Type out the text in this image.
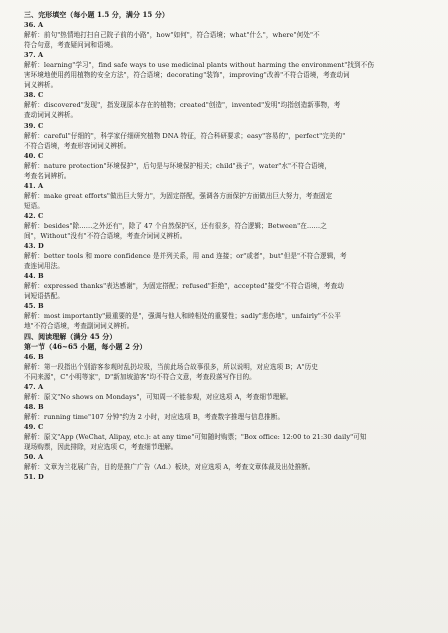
三、完形填空（每小题 1.5 分，满分 15 分）
36. A
解析：前句"热情地打扫自己院子前的小路"，how"如何"，符合语境；what"什么"，where"何处"不
符合句意，考查疑问词和语境。
37. A
解析：learning"学习"，find safe ways to use medicinal plants without harming the environment"找到不伤
害环境地使用药用植物的安全方法"，符合语境；decorating"装饰"，improving"改善"不符合语境，考查动词
词义辨析。
38. C
解析：discovered"发现"，指发现原本存在的植物；created"创造"，invented"发明"均指创造新事物，考
查动词词义辨析。
39. C
解析：careful"仔细的"，科学家仔细研究植物 DNA 特征，符合科研要求；easy"容易的"，perfect"完美的"
不符合语境，考查形容词词义辨析。
40. C
解析：nature protection"环境保护"，后句是与环境保护相关；child"孩子"，water"水"不符合语境，
考查名词辨析。
41. A
解析：make great efforts"做出巨大努力"，为固定搭配，强调各方面保护方面做出巨大努力，考查固定
短语。
42. C
解析：besides"除……之外还有"，除了 47 个自然保护区，还有很多，符合逻辑；Between"在……之
间"，Without"没有"不符合语境，考查介词词义辨析。
43. D
解析：better tools 和 more confidence 是并列关系，用 and 连接；or"或者"，but"但是"不符合逻辑，考
查连词用法。
44. B
解析：expressed thanks"表达感谢"，为固定搭配；refused"拒绝"，accepted"接受"不符合语境，考查动
词短语搭配。
45. B
解析：most importantly"最重要的是"，强调与他人和睦相处的重要性；sadly"悲伤地"，unfairly"不公平
地"不符合语境，考查副词词义辨析。
四、阅读理解（满分 45 分）
第一节（46~65 小题，每小题 2 分）
46. B
解析：第一段指出个别游客参观时乱扔垃圾，当前此场合故事很多，所以说明，对应选项 B；A"历史
不同来源"，C"小明等家"，D"新加坡游客"均不符合文意，考查段落写作目的。
47. A
解析：原文"No shows on Mondays"，可知周一不能参观，对应选项 A，考查细节理解。
48. B
解析：running time"107 分钟"约为 2 小时，对应选项 B，考查数字推理与信息推断。
49. C
解析：原文"App (WeChat, Alipay, etc.): at any time"可知随时购票；"Box office: 12:00 to 21:30 daily"可知
现场购票，因此排除，对应选项 C，考查细节理解。
50. A
解析：文章为兰花展广告，目的是推广广告（Ad.）板块，对应选项 A，考查文章体裁及出处推断。
51. D
